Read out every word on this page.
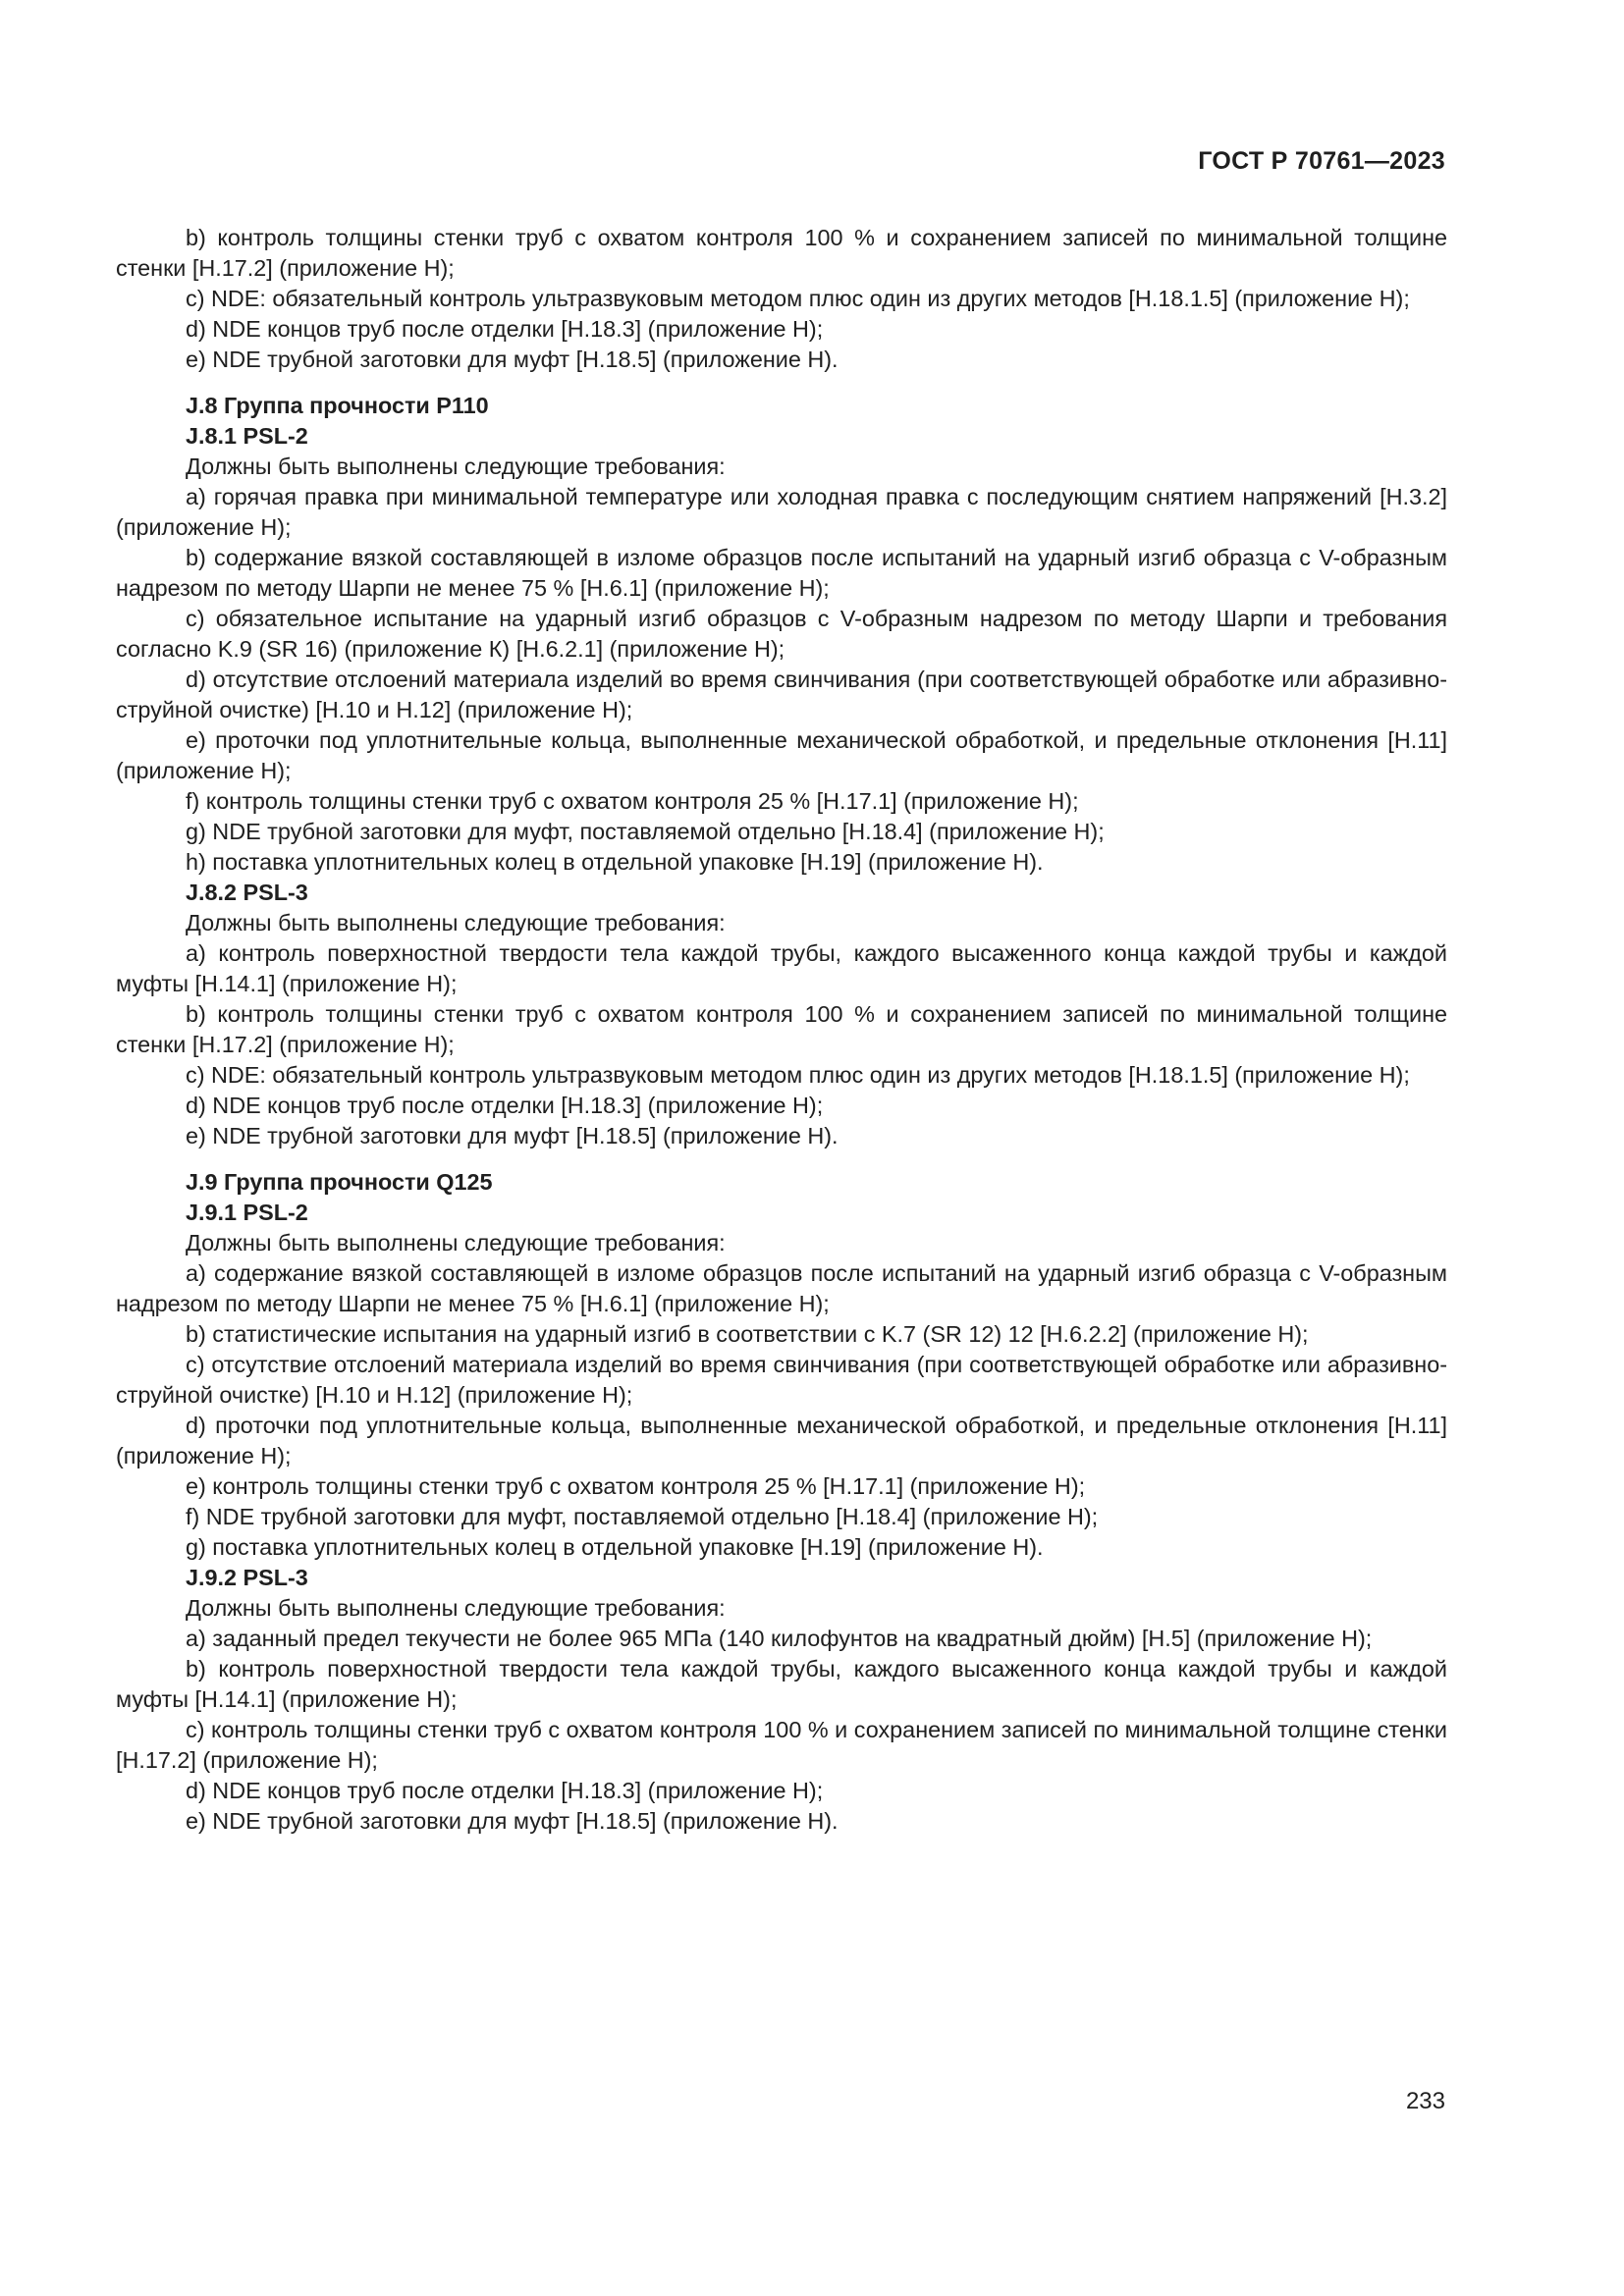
ГОСТ Р 70761—2023

b) контроль толщины стенки труб с охватом контроля 100 % и сохранением записей по минимальной толщине стенки [Н.17.2] (приложение Н);

c) NDE: обязательный контроль ультразвуковым методом плюс один из других методов [Н.18.1.5] (приложение Н);

d) NDE концов труб после отделки [Н.18.3] (приложение Н);

e) NDE трубной заготовки для муфт [Н.18.5] (приложение Н).

J.8 Группа прочности P110

J.8.1 PSL-2

Должны быть выполнены следующие требования:

a) горячая правка при минимальной температуре или холодная правка с последующим снятием напряжений [Н.3.2] (приложение Н);

b) содержание вязкой составляющей в изломе образцов после испытаний на ударный изгиб образца с V-образным надрезом по методу Шарпи не менее 75 % [Н.6.1] (приложение Н);

c) обязательное испытание на ударный изгиб образцов с V-образным надрезом по методу Шарпи и требования согласно K.9 (SR 16) (приложение К) [Н.6.2.1] (приложение Н);

d) отсутствие отслоений материала изделий во время свинчивания (при соответствующей обработке или абразивно-струйной очистке) [Н.10 и Н.12] (приложение Н);

e) проточки под уплотнительные кольца, выполненные механической обработкой, и предельные отклонения [Н.11] (приложение Н);

f) контроль толщины стенки труб с охватом контроля 25 % [Н.17.1] (приложение Н);

g) NDE трубной заготовки для муфт, поставляемой отдельно [Н.18.4] (приложение Н);

h) поставка уплотнительных колец в отдельной упаковке [Н.19] (приложение Н).

J.8.2 PSL-3

Должны быть выполнены следующие требования:

a) контроль поверхностной твердости тела каждой трубы, каждого высаженного конца каждой трубы и каждой муфты [Н.14.1] (приложение Н);

b) контроль толщины стенки труб с охватом контроля 100 % и сохранением записей по минимальной толщине стенки [Н.17.2] (приложение Н);

c) NDE: обязательный контроль ультразвуковым методом плюс один из других методов [Н.18.1.5] (приложение Н);

d) NDE концов труб после отделки [Н.18.3] (приложение Н);

e) NDE трубной заготовки для муфт [Н.18.5] (приложение Н).

J.9 Группа прочности Q125

J.9.1 PSL-2

Должны быть выполнены следующие требования:

a) содержание вязкой составляющей в изломе образцов после испытаний на ударный изгиб образца с V-образным надрезом по методу Шарпи не менее 75 % [Н.6.1] (приложение Н);

b) статистические испытания на ударный изгиб в соответствии с K.7 (SR 12) 12 [Н.6.2.2] (приложение Н);

c) отсутствие отслоений материала изделий во время свинчивания (при соответствующей обработке или абразивно-струйной очистке) [Н.10 и Н.12] (приложение Н);

d) проточки под уплотнительные кольца, выполненные механической обработкой, и предельные отклонения [Н.11] (приложение Н);

e) контроль толщины стенки труб с охватом контроля 25 % [Н.17.1] (приложение Н);

f) NDE трубной заготовки для муфт, поставляемой отдельно [Н.18.4] (приложение Н);

g) поставка уплотнительных колец в отдельной упаковке [Н.19] (приложение Н).

J.9.2 PSL-3

Должны быть выполнены следующие требования:

a) заданный предел текучести не более 965 МПа (140 килофунтов на квадратный дюйм) [Н.5] (приложение Н);

b) контроль поверхностной твердости тела каждой трубы, каждого высаженного конца каждой трубы и каждой муфты [Н.14.1] (приложение Н);

c) контроль толщины стенки труб с охватом контроля 100 % и сохранением записей по минимальной толщине стенки [Н.17.2] (приложение Н);

d) NDE концов труб после отделки [Н.18.3] (приложение Н);

e) NDE трубной заготовки для муфт [Н.18.5] (приложение Н).

233
